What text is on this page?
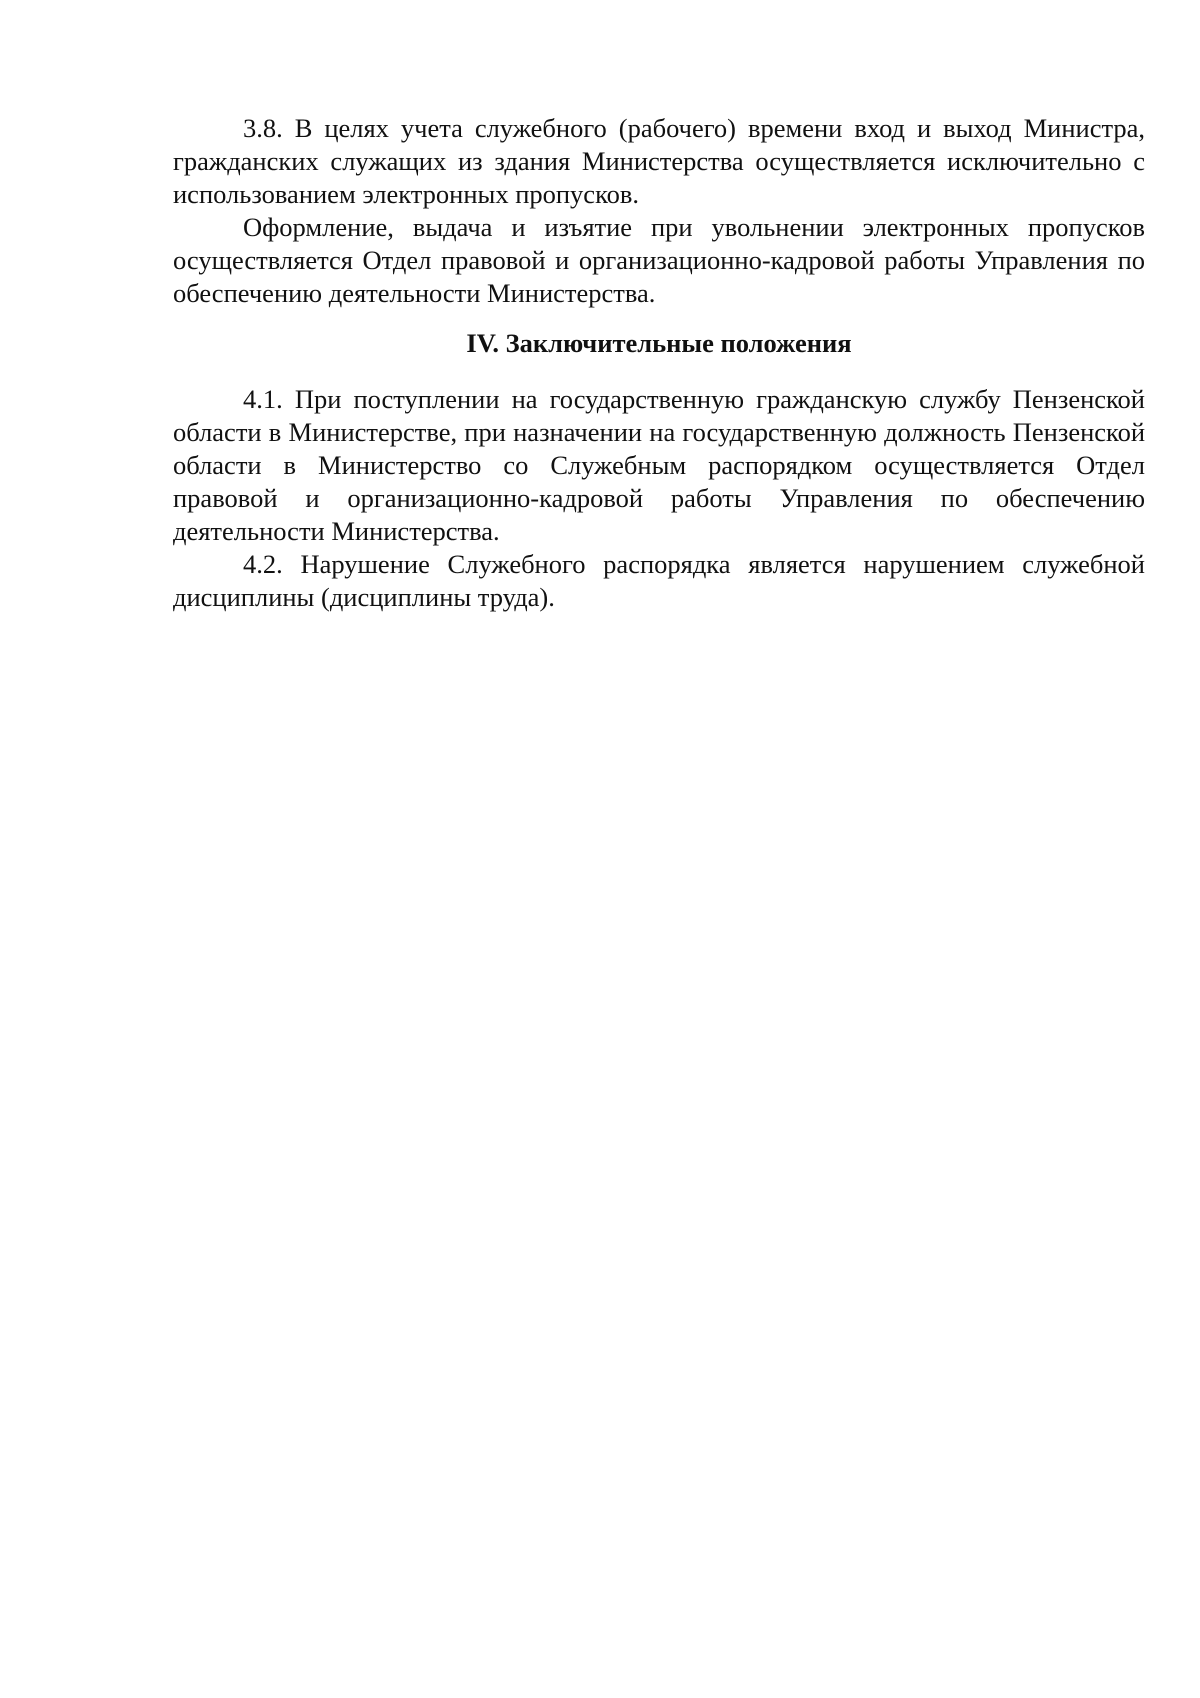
3.8. В целях учета служебного (рабочего) времени вход и выход Министра, гражданских служащих из здания Министерства осуществляется исключительно с использованием электронных пропусков.

Оформление, выдача и изъятие при увольнении электронных пропусков осуществляется Отдел правовой и организационно-кадровой работы Управления по обеспечению деятельности Министерства.

IV. Заключительные положения

4.1. При поступлении на государственную гражданскую службу Пензенской области в Министерстве, при назначении на государственную должность Пензенской области в Министерство со Служебным распорядком осуществляется Отдел правовой и организационно-кадровой работы Управления по обеспечению деятельности Министерства.

4.2. Нарушение Служебного распорядка является нарушением служебной дисциплины (дисциплины труда).
